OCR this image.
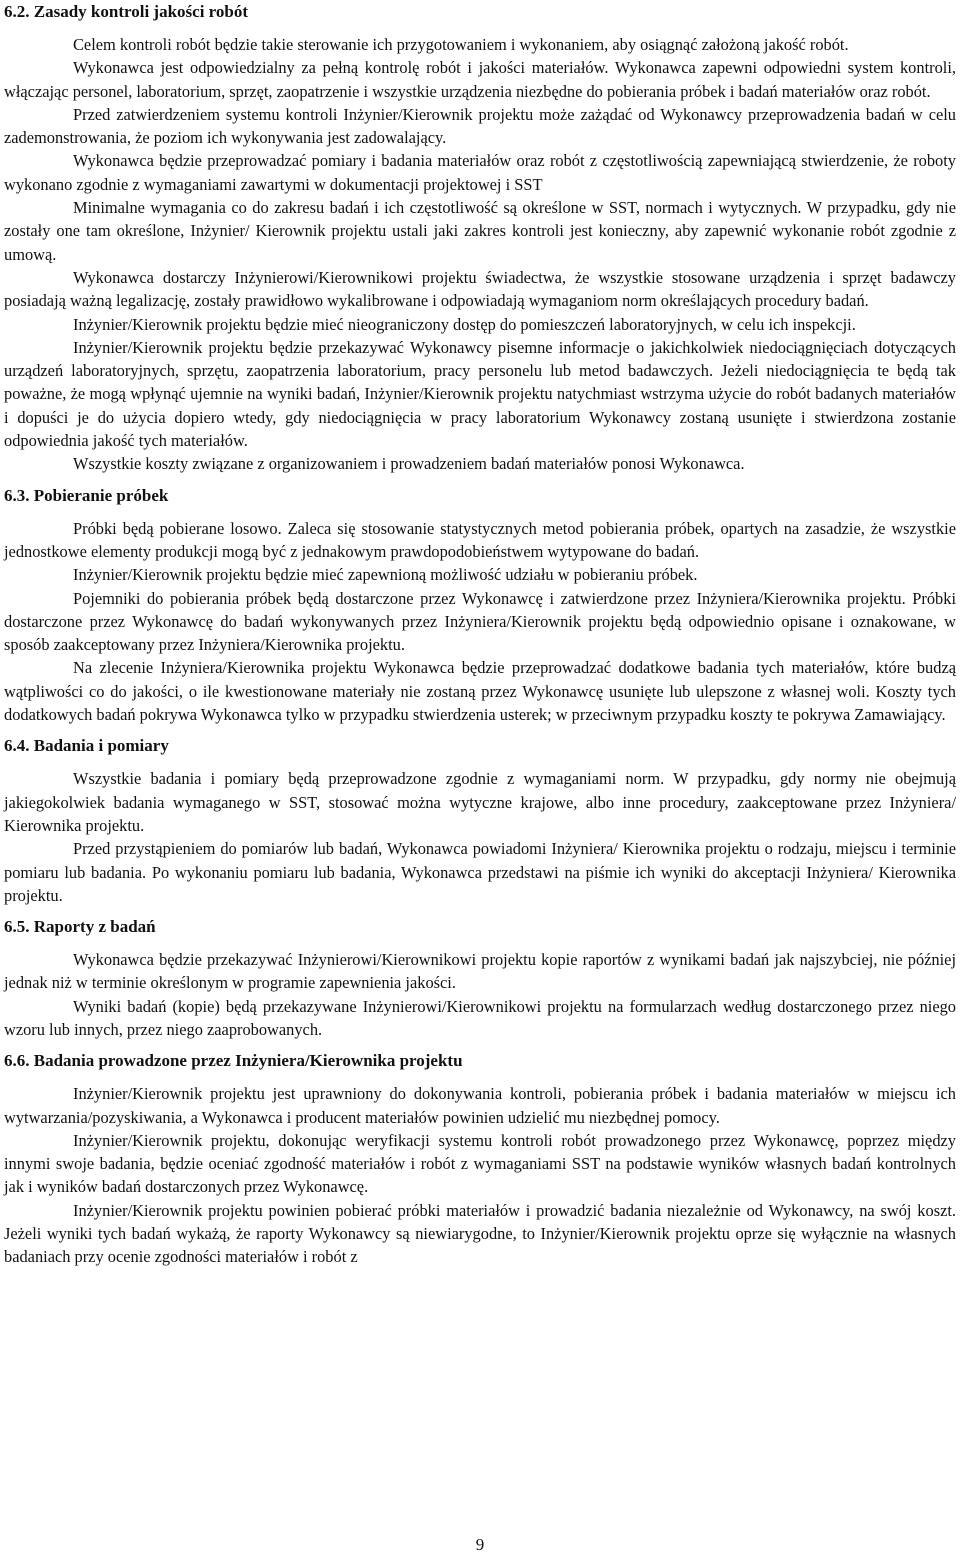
6.2. Zasady kontroli jakości robót

Celem kontroli robót będzie takie sterowanie ich przygotowaniem i wykonaniem, aby osiągnąć założoną jakość robót.

Wykonawca jest odpowiedzialny za pełną kontrolę robót i jakości materiałów. Wykonawca zapewni odpowiedni system kontroli, włączając personel, laboratorium, sprzęt, zaopatrzenie i wszystkie urządzenia niezbędne do pobierania próbek i badań materiałów oraz robót.

Przed zatwierdzeniem systemu kontroli Inżynier/Kierownik projektu może zażądać od Wykonawcy przeprowadzenia badań w celu zademonstrowania, że poziom ich wykonywania jest zadowalający.

Wykonawca będzie przeprowadzać pomiary i badania materiałów oraz robót z częstotliwością zapewniającą stwierdzenie, że roboty wykonano zgodnie z wymaganiami zawartymi w dokumentacji projektowej i SST

Minimalne wymagania co do zakresu badań i ich częstotliwość są określone w SST, normach i wytycznych. W przypadku, gdy nie zostały one tam określone, Inżynier/ Kierownik projektu ustali jaki zakres kontroli jest konieczny, aby zapewnić wykonanie robót zgodnie z umową.

Wykonawca dostarczy Inżynierowi/Kierownikowi projektu świadectwa, że wszystkie stosowane urządzenia i sprzęt badawczy posiadają ważną legalizację, zostały prawidłowo wykalibrowane i odpowiadają wymaganiom norm określających procedury badań.

Inżynier/Kierownik projektu będzie mieć nieograniczony dostęp do pomieszczeń laboratoryjnych, w celu ich inspekcji.

Inżynier/Kierownik projektu będzie przekazywać Wykonawcy pisemne informacje o jakichkolwiek niedociągnięciach dotyczących urządzeń laboratoryjnych, sprzętu, zaopatrzenia laboratorium, pracy personelu lub metod badawczych. Jeżeli niedociągnięcia te będą tak poważne, że mogą wpłynąć ujemnie na wyniki badań, Inżynier/Kierownik projektu natychmiast wstrzyma użycie do robót badanych materiałów i dopuści je do użycia dopiero wtedy, gdy niedociągnięcia w pracy laboratorium Wykonawcy zostaną usunięte i stwierdzona zostanie odpowiednia jakość tych materiałów.

Wszystkie koszty związane z organizowaniem i prowadzeniem badań materiałów ponosi Wykonawca.

6.3. Pobieranie próbek

Próbki będą pobierane losowo. Zaleca się stosowanie statystycznych metod pobierania próbek, opartych na zasadzie, że wszystkie jednostkowe elementy produkcji mogą być z jednakowym prawdopodobieństwem wytypowane do badań.

Inżynier/Kierownik projektu będzie mieć zapewnioną możliwość udziału w pobieraniu próbek.

Pojemniki do pobierania próbek będą dostarczone przez Wykonawcę i zatwierdzone przez Inżyniera/Kierownika projektu. Próbki dostarczone przez Wykonawcę do badań wykonywanych przez Inżyniera/Kierownik projektu będą odpowiednio opisane i oznakowane, w sposób zaakceptowany przez Inżyniera/Kierownika projektu.

Na zlecenie Inżyniera/Kierownika projektu Wykonawca będzie przeprowadzać dodatkowe badania tych materiałów, które budzą wątpliwości co do jakości, o ile kwestionowane materiały nie zostaną przez Wykonawcę usunięte lub ulepszone z własnej woli. Koszty tych dodatkowych badań pokrywa Wykonawca tylko w przypadku stwierdzenia usterek; w przeciwnym przypadku koszty te pokrywa Zamawiający.

6.4. Badania i pomiary

Wszystkie badania i pomiary będą przeprowadzone zgodnie z wymaganiami norm. W przypadku, gdy normy nie obejmują jakiegokolwiek badania wymaganego w SST, stosować można wytyczne krajowe, albo inne procedury, zaakceptowane przez Inżyniera/ Kierownika projektu.

Przed przystąpieniem do pomiarów lub badań, Wykonawca powiadomi Inżyniera/ Kierownika projektu o rodzaju, miejscu i terminie pomiaru lub badania. Po wykonaniu pomiaru lub badania, Wykonawca przedstawi na piśmie ich wyniki do akceptacji Inżyniera/ Kierownika projektu.

6.5. Raporty z badań

Wykonawca będzie przekazywać Inżynierowi/Kierownikowi projektu kopie raportów z wynikami badań jak najszybciej, nie później jednak niż w terminie określonym w programie zapewnienia jakości.

Wyniki badań (kopie) będą przekazywane Inżynierowi/Kierownikowi projektu na formularzach według dostarczonego przez niego wzoru lub innych, przez niego zaaprobowanych.

6.6. Badania prowadzone przez Inżyniera/Kierownika projektu

Inżynier/Kierownik projektu jest uprawniony do dokonywania kontroli, pobierania próbek i badania materiałów w miejscu ich wytwarzania/pozyskiwania, a Wykonawca i producent materiałów powinien udzielić mu niezbędnej pomocy.

Inżynier/Kierownik projektu, dokonując weryfikacji systemu kontroli robót prowadzonego przez Wykonawcę, poprzez między innymi swoje badania, będzie oceniać zgodność materiałów i robót z wymaganiami SST na podstawie wyników własnych badań kontrolnych jak i wyników badań dostarczonych przez Wykonawcę.

Inżynier/Kierownik projektu powinien pobierać próbki materiałów i prowadzić badania niezależnie od Wykonawcy, na swój koszt. Jeżeli wyniki tych badań wykażą, że raporty Wykonawcy są niewiarygodne, to Inżynier/Kierownik projektu oprze się wyłącznie na własnych badaniach przy ocenie zgodności materiałów i robót z

9
